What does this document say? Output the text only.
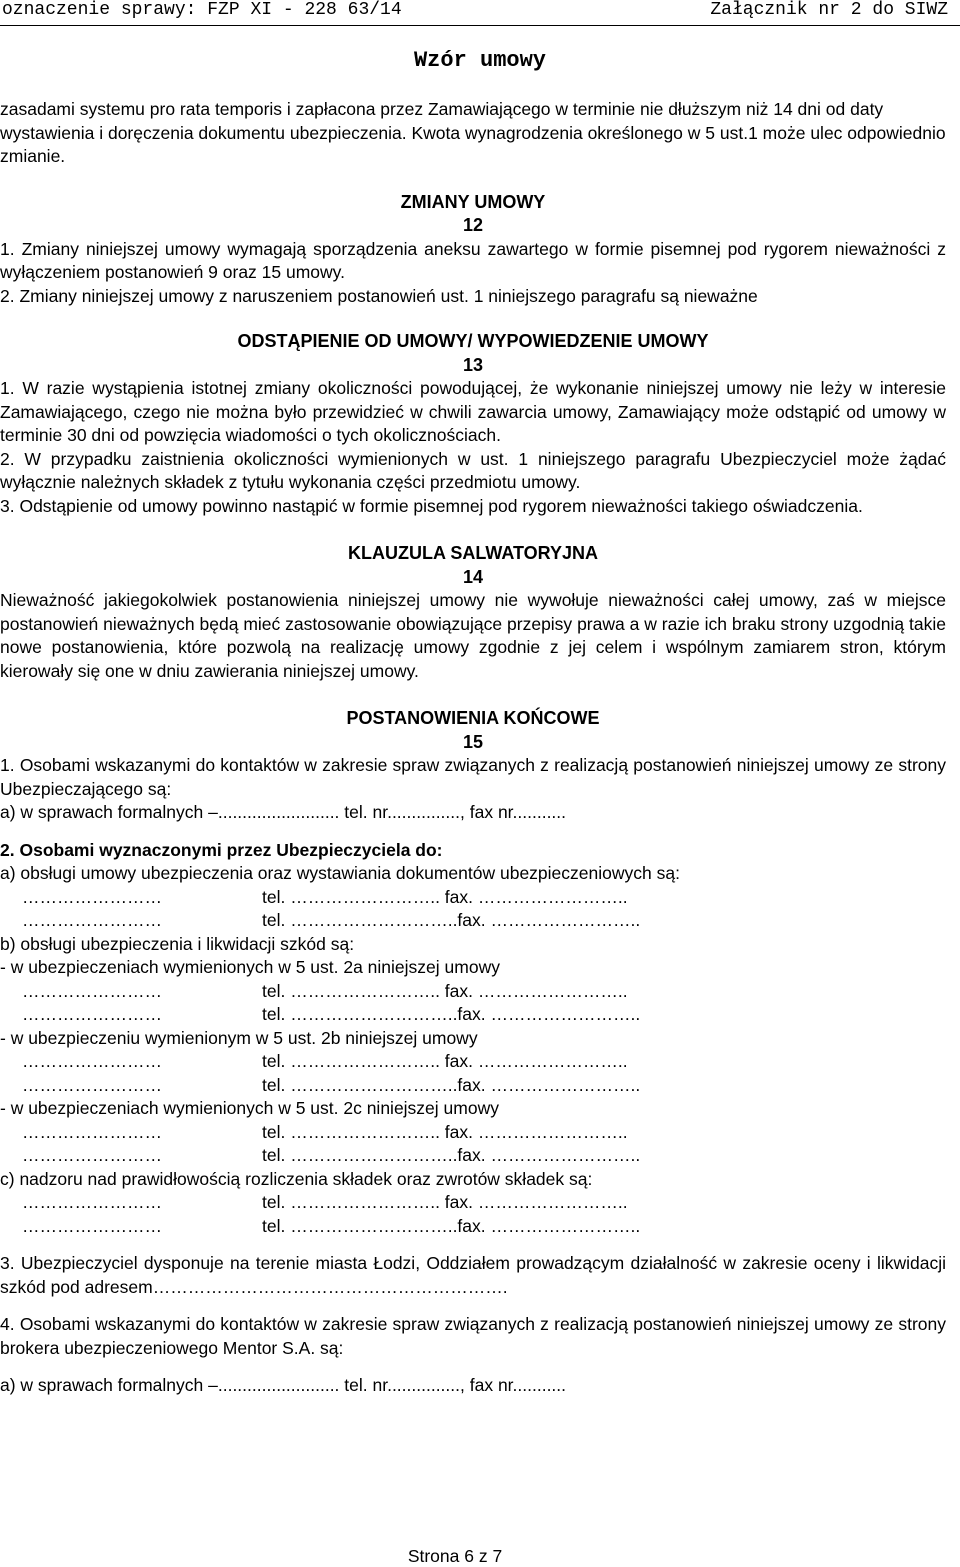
oznaczenie sprawy: FZP XI - 228 63/14	Załącznik nr 2 do SIWZ
Wzór umowy

zasadami systemu pro rata temporis i zapłacona przez Zamawiającego w terminie nie dłuższym niż 14 dni od daty wystawienia i doręczenia dokumentu ubezpieczenia. Kwota wynagrodzenia określonego w 5 ust.1 może ulec odpowiednio zmianie.

ZMIANY UMOWY

12

1. Zmiany niniejszej umowy wymagają sporządzenia aneksu zawartego w formie pisemnej pod rygorem nieważności z wyłączeniem postanowień 9 oraz 15 umowy.

2. Zmiany niniejszej umowy z naruszeniem postanowień ust. 1 niniejszego paragrafu są nieważne

ODSTĄPIENIE OD UMOWY/ WYPOWIEDZENIE UMOWY

13

1. W razie wystąpienia istotnej zmiany okoliczności powodującej, że wykonanie niniejszej umowy nie leży w interesie Zamawiającego, czego nie można było przewidzieć w chwili zawarcia umowy, Zamawiający może odstąpić od umowy w terminie 30 dni od powzięcia wiadomości o tych okolicznościach.

2. W przypadku zaistnienia okoliczności wymienionych w ust. 1 niniejszego paragrafu Ubezpieczyciel może żądać wyłącznie należnych składek z tytułu wykonania części przedmiotu umowy.

3. Odstąpienie od umowy powinno nastąpić w formie pisemnej pod rygorem nieważności takiego oświadczenia.

KLAUZULA SALWATORYJNA

14

Nieważność jakiegokolwiek postanowienia niniejszej umowy nie wywołuje nieważności całej umowy, zaś w miejsce postanowień nieważnych będą mieć zastosowanie obowiązujące przepisy prawa a w razie ich braku strony uzgodnią takie nowe postanowienia, które pozwolą na realizację umowy zgodnie z jej celem i wspólnym zamiarem stron, którym kierowały się one w dniu zawierania niniejszej umowy.

POSTANOWIENIA KOŃCOWE

15

1. Osobami wskazanymi do kontaktów w zakresie spraw związanych z realizacją postanowień niniejszej umowy ze strony Ubezpieczającego są:

a) w sprawach formalnych –......................... tel. nr..............., fax nr...........

2. Osobami wyznaczonymi przez Ubezpieczyciela do:

a) obsługi umowy ubezpieczenia oraz wystawiania dokumentów ubezpieczeniowych są:

……………………	tel. …………………….. fax. ……………………..

……………………	tel. ………………………..fax. ……………………..

b) obsługi ubezpieczenia i likwidacji szkód są:

- w ubezpieczeniach wymienionych w 5 ust. 2a niniejszej umowy

……………………	tel. …………………….. fax. ……………………..

……………………	tel. ………………………..fax. ……………………..

- w ubezpieczeniu wymienionym w 5 ust. 2b niniejszej umowy

……………………	tel. …………………….. fax. ……………………..

……………………	tel. ………………………..fax. ……………………..

- w ubezpieczeniach wymienionych w 5 ust. 2c niniejszej umowy

……………………	tel. …………………….. fax. ……………………..

……………………	tel. ………………………..fax. ……………………..

c) nadzoru nad prawidłowością rozliczenia składek oraz zwrotów składek są:

……………………	tel. …………………….. fax. ……………………..

……………………	tel. ………………………..fax. ……………………..

3. Ubezpieczyciel dysponuje na terenie miasta Łodzi, Oddziałem prowadzącym działalność w zakresie oceny i likwidacji szkód pod adresem…………………………………………………….

4. Osobami wskazanymi do kontaktów w zakresie spraw związanych z realizacją postanowień niniejszej umowy ze strony brokera ubezpieczeniowego Mentor S.A. są:

a) w sprawach formalnych –......................... tel. nr..............., fax nr...........

Strona 6 z 7
